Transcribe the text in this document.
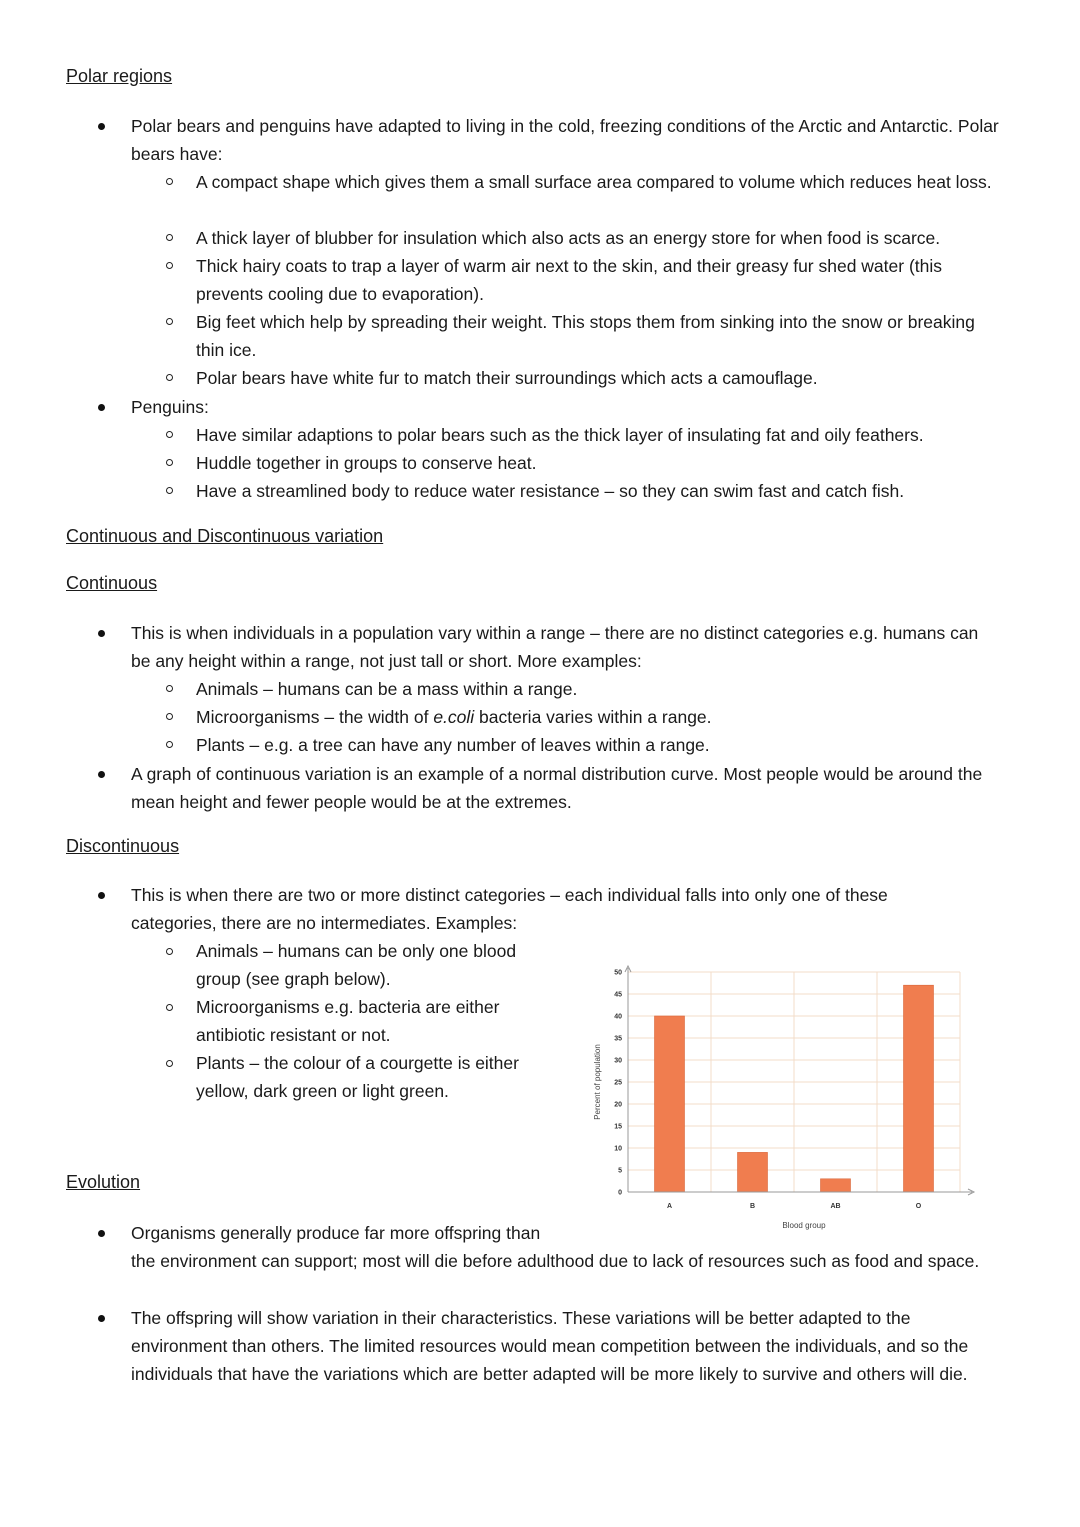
Polar regions

Polar bears and penguins have adapted to living in the cold, freezing conditions of the Arctic and Antarctic. Polar bears have:

A compact shape which gives them a small surface area compared to volume which reduces heat loss.

A thick layer of blubber for insulation which also acts as an energy store for when food is scarce.

Thick hairy coats to trap a layer of warm air next to the skin, and their greasy fur shed water (this prevents cooling due to evaporation).

Big feet which help by spreading their weight. This stops them from sinking into the snow or breaking thin ice.

Polar bears have white fur to match their surroundings which acts a camouflage.

Penguins:

Have similar adaptions to polar bears such as the thick layer of insulating fat and oily feathers.

Huddle together in groups to conserve heat.

Have a streamlined body to reduce water resistance – so they can swim fast and catch fish.

Continuous and Discontinuous variation
Continuous

This is when individuals in a population vary within a range – there are no distinct categories e.g. humans can be any height within a range, not just tall or short. More examples:

Animals – humans can be a mass within a range.

Microorganisms – the width of e.coli bacteria varies within a range.

Plants – e.g. a tree can have any number of leaves within a range.

A graph of continuous variation is an example of a normal distribution curve. Most people would be around the mean height and fewer people would be at the extremes.

Discontinuous

This is when there are two or more distinct categories – each individual falls into only one of these categories, there are no intermediates. Examples:

Animals – humans can be only one blood group (see graph below).

Microorganisms e.g. bacteria are either antibiotic resistant or not.

Plants – the colour of a courgette is either yellow, dark green or light green.

0
5
10
15
20
25
30
35
40
45
50
A	B	AB	O
Blood group
Percent of population
Evolution

Organisms generally produce far more offspring than
the environment can support; most will die before adulthood due to lack of resources such as food and space.

The offspring will show variation in their characteristics. These variations will be better adapted to the environment than others. The limited resources would mean competition between the individuals, and so the individuals that have the variations which are better adapted will be more likely to survive and others will die.
